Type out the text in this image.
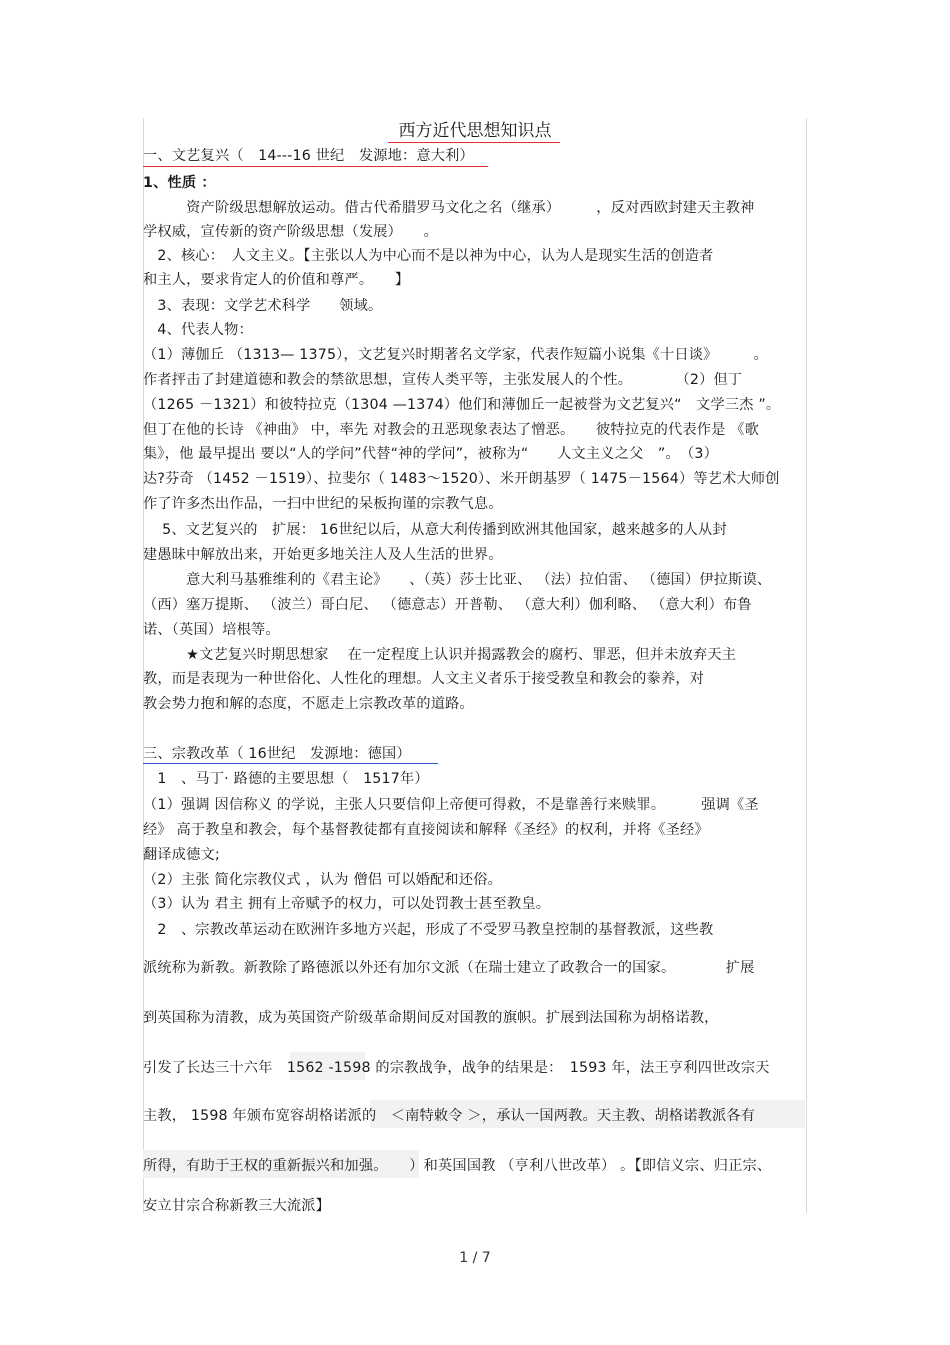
西方近代思想知识点
一、文艺复兴（　14---16 世纪　发源地：意大利）
1、性质 ：
　　　资产阶级思想解放运动。借古代希腊罗马文化之名（继承）　　　，反对西欧封建天主教神
学权威，宣传新的资产阶级思想（发展）　　。
　2、核心：　人文主义。【主张以人为中心而不是以神为中心，认为人是现实生活的创造者
和主人，要求肯定人的价值和尊严。　　】
　3、表现：文学艺术科学　　领域。
　4、代表人物：
（1）薄伽丘 （1313— 1375），文艺复兴时期著名文学家，代表作短篇小说集《十日谈》　　　。
作者抨击了封建道德和教会的禁欲思想，宣传人类平等，主张发展人的个性。　　　　（2）但丁
（1265 －1321）和彼特拉克（1304 —1374）他们和薄伽丘一起被誉为文艺复兴“　文学三杰 ”。
但丁在他的长诗 《神曲》 中，率先 对教会的丑恶现象表达了憎恶。　　彼特拉克的代表作是 《歌
集》，他 最早提出 要以“人的学问”代替“神的学问”，被称为“　　人文主义之父　”。　（3）
达?芬奇 （1452 －1519）、拉斐尔（ 1483～1520）、米开朗基罗（ 1475－1564）等艺术大师创
作了许多杰出作品，一扫中世纪的呆板拘谨的宗教气息。
　 5、文艺复兴的　扩展： 16世纪以后，从意大利传播到欧洲其他国家，越来越多的人从封
建愚昧中解放出来，开始更多地关注人及人生活的世界。
　　　意大利马基雅维利的《君主论》　　、（英）莎士比亚、 （法）拉伯雷、 （德国）伊拉斯谟、
（西）塞万提斯、 （波兰）哥白尼、 （德意志）开普勒、 （意大利）伽利略、 （意大利）布鲁
诺、（英国）培根等。
　　　★文艺复兴时期思想家　 在一定程度上认识并揭露教会的腐朽、罪恶，但并未放弃天主
教，而是表现为一种世俗化、人性化的理想。人文主义者乐于接受教皇和教会的豢养，对
教会势力抱和解的态度，不愿走上宗教改革的道路。
三、宗教改革（ 16世纪　发源地：德国）
　1　、马丁· 路德的主要思想（　1517年）
（1）强调 因信称义 的学说，主张人只要信仰上帝便可得救，不是靠善行来赎罪。　　　强调《圣
经》 高于教皇和教会，每个基督教徒都有直接阅读和解释《圣经》的权利，并将《圣经》
翻译成德文;
（2）主张 简化宗教仪式 ，认为 僧侣 可以婚配和还俗。
（3）认为 君主 拥有上帝赋予的权力，可以处罚教士甚至教皇。
　2　、宗教改革运动在欧洲许多地方兴起，形成了不受罗马教皇控制的基督教派，这些教
派统称为新教。新教除了路德派以外还有加尔文派（在瑞士建立了政教合一的国家。　　　　扩展
到英国称为清教，成为英国资产阶级革命期间反对国教的旗帜。扩展到法国称为胡格诺教，
引发了长达三十六年　1562 -1598 的宗教战争，战争的结果是：　1593 年，法王亨利四世改宗天
主教， 1598 年颁布宽容胡格诺派的　＜南特敕令 ＞，承认一国两教。天主教、胡格诺教派各有
所得，有助于王权的重新振兴和加强。　　）和英国国教 （亨利八世改革） 。【即信义宗、归正宗、
安立甘宗合称新教三大流派】
1 / 7
